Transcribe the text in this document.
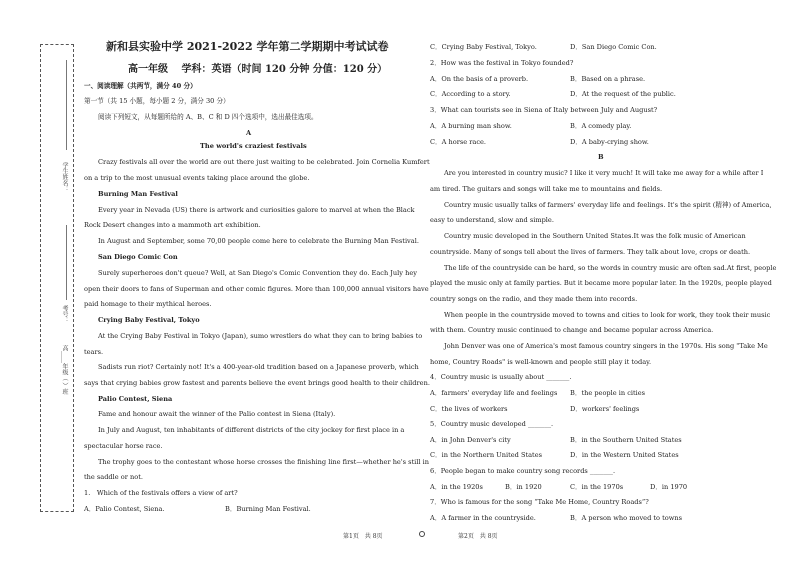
学生姓名：
考号：
高____年级（ ）班
新和县实验中学 2021-2022 学年第二学期期中考试试卷
高一年级　 学科：英语（时间 120 分钟 分值：120 分）
一、阅读理解（共两节，满分 40 分）
第一节（共 15 小题，每小题 2 分，满分 30 分）
阅读下列短文，从每题所给的 A、B、C 和 D 四个选项中，选出最佳选项。
A
The world's craziest festivals
Crazy festivals all over the world are out there just waiting to be celebrated. Join Cornelia Kumfert
on a trip to the most unusual events taking place around the globe.
Burning Man Festival
Every year in Nevada (US) there is artwork and curiosities galore to marvel at when the Black
Rock Desert changes into a mammoth art exhibition.
In August and September, some 70,00 people come here to celebrate the Burning Man Festival.
San Diego Comic Con
Surely superheroes don't queue? Well, at San Diego's Comic Convention they do. Each July hey
open their doors to fans of Superman and other comic figures. More than 100,000 annual visitors have
paid homage to their mythical heroes.
Crying Baby Festival, Tokyo
At the Crying Baby Festival in Tokyo (Japan), sumo wrestlers do what they can to bring babies to
tears.
Sadists run riot? Certainly not! It's a 400-year-old tradition based on a Japanese proverb, which
says that crying babies grow fastest and parents believe the event brings good health to their children.
Palio Contest, Siena
Fame and honour await the winner of the Palio contest in Siena (Italy).
In July and August, ten inhabitants of different districts of the city jockey for first place in a
spectacular horse race.
The trophy goes to the contestant whose horse crosses the finishing line first—whether he's still in
the saddle or not.
1.　Which of the festivals offers a view of art?
A．Palio Contest, Siena.	B．Burning Man Festival.
C．Crying Baby Festival, Tokyo.	D．San Diego Comic Con.
2．How was the festival in Tokyo founded?
A．On the basis of a proverb.	B．Based on a phrase.
C．According to a story.	D．At the request of the public.
3．What can tourists see in Siena of Italy between July and August?
A．A burning man show.	B．A comedy play.
C．A horse race.	D．A baby-crying show.
B
Are you interested in country music? I like it very much! It will take me away for a while after I
am tired. The guitars and songs will take me to mountains and fields.
Country music usually talks of farmers' everyday life and feelings. It's the spirit (精神) of America,
easy to understand, slow and simple.
Country music developed in the Southern United States.It was the folk music of American
countryside. Many of songs tell about the lives of farmers. They talk about love, crops or death.
The life of the countryside can be hard, so the words in country music are often sad.At first, people
played the music only at family parties. But it became more popular later. In the 1920s, people played
country songs on the radio, and they made them into records.
When people in the countryside moved to towns and cities to look for work, they took their music
with them. Country music continued to change and became popular across America.
John Denver was one of America's most famous country singers in the 1970s. His song "Take Me
home, Country Roads" is well-known and people still play it today.
4．Country music is usually about _______.
A．farmers' everyday life and feelings B．the people in cities
C．the lives of workers	D．workers' feelings
5．Country music developed _______.
A．in John Denver's city	B．in the Southern United States
C．in the Northern United States	D．in the Western United States
6．People began to make country song records _______.
A．in the 1920s	B．in 1920	C．in the 1970s	D．in 1970
7．Who is famous for the song “Take Me Home, Country Roads”?
A．A farmer in the countryside.	B．A person who moved to towns
第1页　共 8页	第2页　共 8页
